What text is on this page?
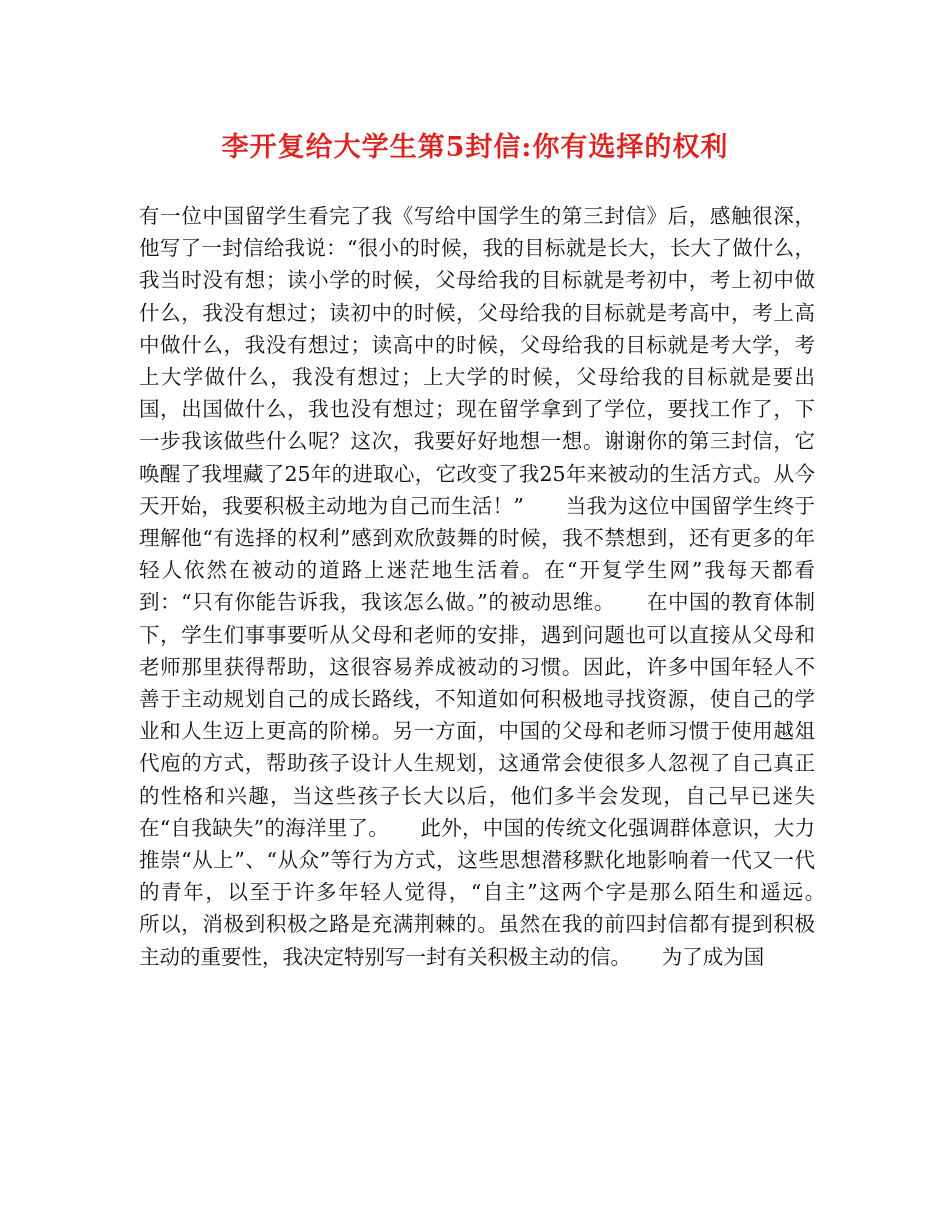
李开复给大学生第5封信:你有选择的权利

有一位中国留学生看完了我《写给中国学生的第三封信》后，感触很深，他写了一封信给我说：“很小的时候，我的目标就是长大，长大了做什么，我当时没有想；读小学的时候，父母给我的目标就是考初中，考上初中做什么，我没有想过；读初中的时候，父母给我的目标就是考高中，考上高中做什么，我没有想过；读高中的时候，父母给我的目标就是考大学，考上大学做什么，我没有想过；上大学的时候，父母给我的目标就是要出国，出国做什么，我也没有想过；现在留学拿到了学位，要找工作了，下一步我该做些什么呢？这次，我要好好地想一想。谢谢你的第三封信，它唤醒了我埋藏了25年的进取心，它改变了我25年来被动的生活方式。从今天开始，我要积极主动地为自己而生活！”　　当我为这位中国留学生终于理解他“有选择的权利”感到欢欣鼓舞的时候，我不禁想到，还有更多的年轻人依然在被动的道路上迷茫地生活着。在“开复学生网”我每天都看到：“只有你能告诉我，我该怎么做。”的被动思维。　　在中国的教育体制下，学生们事事要听从父母和老师的安排，遇到问题也可以直接从父母和老师那里获得帮助，这很容易养成被动的习惯。因此，许多中国年轻人不善于主动规划自己的成长路线，不知道如何积极地寻找资源，使自己的学业和人生迈上更高的阶梯。另一方面，中国的父母和老师习惯于使用越俎代庖的方式，帮助孩子设计人生规划，这通常会使很多人忽视了自己真正的性格和兴趣，当这些孩子长大以后，他们多半会发现，自己早已迷失在“自我缺失”的海洋里了。　　此外，中国的传统文化强调群体意识，大力推崇“从上”、“从众”等行为方式，这些思想潜移默化地影响着一代又一代的青年，以至于许多年轻人觉得，“自主”这两个字是那么陌生和遥远。　　所以，消极到积极之路是充满荆棘的。虽然在我的前四封信都有提到积极主动的重要性，我决定特别写一封有关积极主动的信。　　为了成为国
